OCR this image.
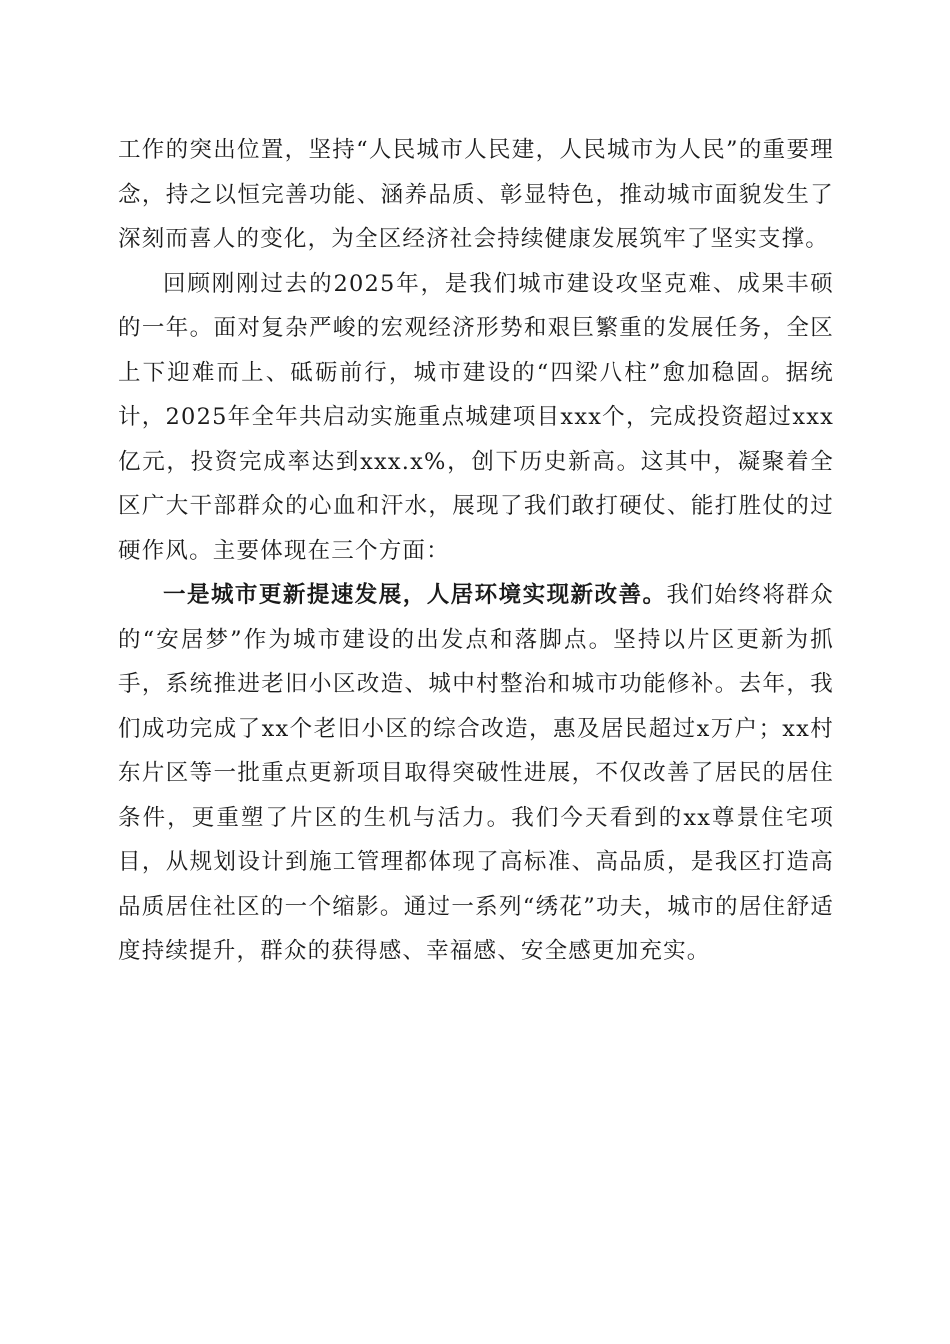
工作的突出位置，坚持“人民城市人民建，人民城市为人民”的重要理念，持之以恒完善功能、涵养品质、彰显特色，推动城市面貌发生了深刻而喜人的变化，为全区经济社会持续健康发展筑牢了坚实支撑。

回顾刚刚过去的2025年，是我们城市建设攻坚克难、成果丰硕的一年。面对复杂严峻的宏观经济形势和艰巨繁重的发展任务，全区上下迎难而上、砥砺前行，城市建设的“四梁八柱”愈加稳固。据统计，2025年全年共启动实施重点城建项目xxx个，完成投资超过xxx亿元，投资完成率达到xxx.x%，创下历史新高。这其中，凝聚着全区广大干部群众的心血和汗水，展现了我们敢打硬仗、能打胜仗的过硬作风。主要体现在三个方面：

一是城市更新提速发展，人居环境实现新改善。我们始终将群众的“安居梦”作为城市建设的出发点和落脚点。坚持以片区更新为抓手，系统推进老旧小区改造、城中村整治和城市功能修补。去年，我们成功完成了xx个老旧小区的综合改造，惠及居民超过x万户；xx村东片区等一批重点更新项目取得突破性进展，不仅改善了居民的居住条件，更重塑了片区的生机与活力。我们今天看到的xx尊景住宅项目，从规划设计到施工管理都体现了高标准、高品质，是我区打造高品质居住社区的一个缩影。通过一系列“绣花”功夫，城市的居住舒适度持续提升，群众的获得感、幸福感、安全感更加充实。
